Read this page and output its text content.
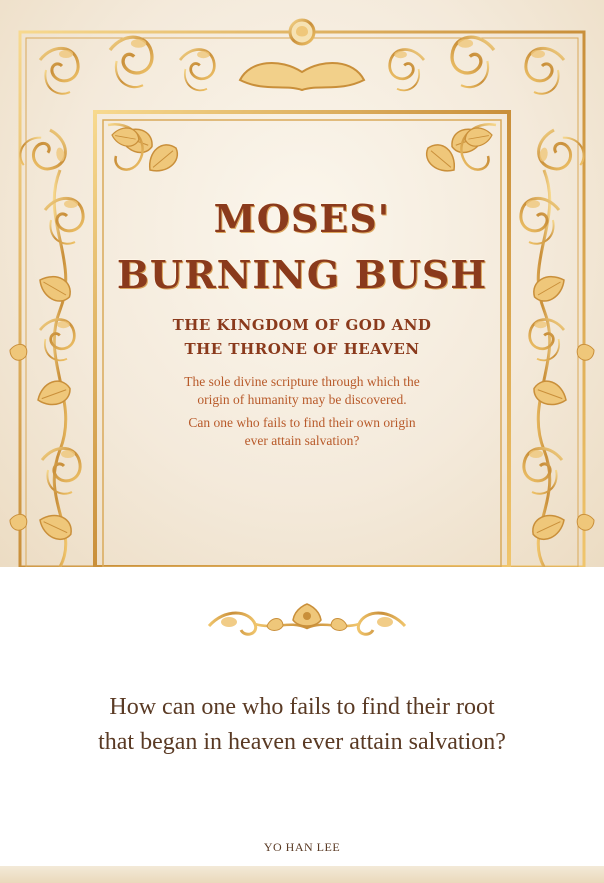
MOSES'
BURNING BUSH
THE KINGDOM OF GOD AND
THE THRONE OF HEAVEN
The sole divine scripture through which the
origin of humanity may be discovered.
Can one who fails to find their own origin
ever attain salvation?
How can one who fails to find their root
that began in heaven ever attain salvation?
YO HAN LEE
